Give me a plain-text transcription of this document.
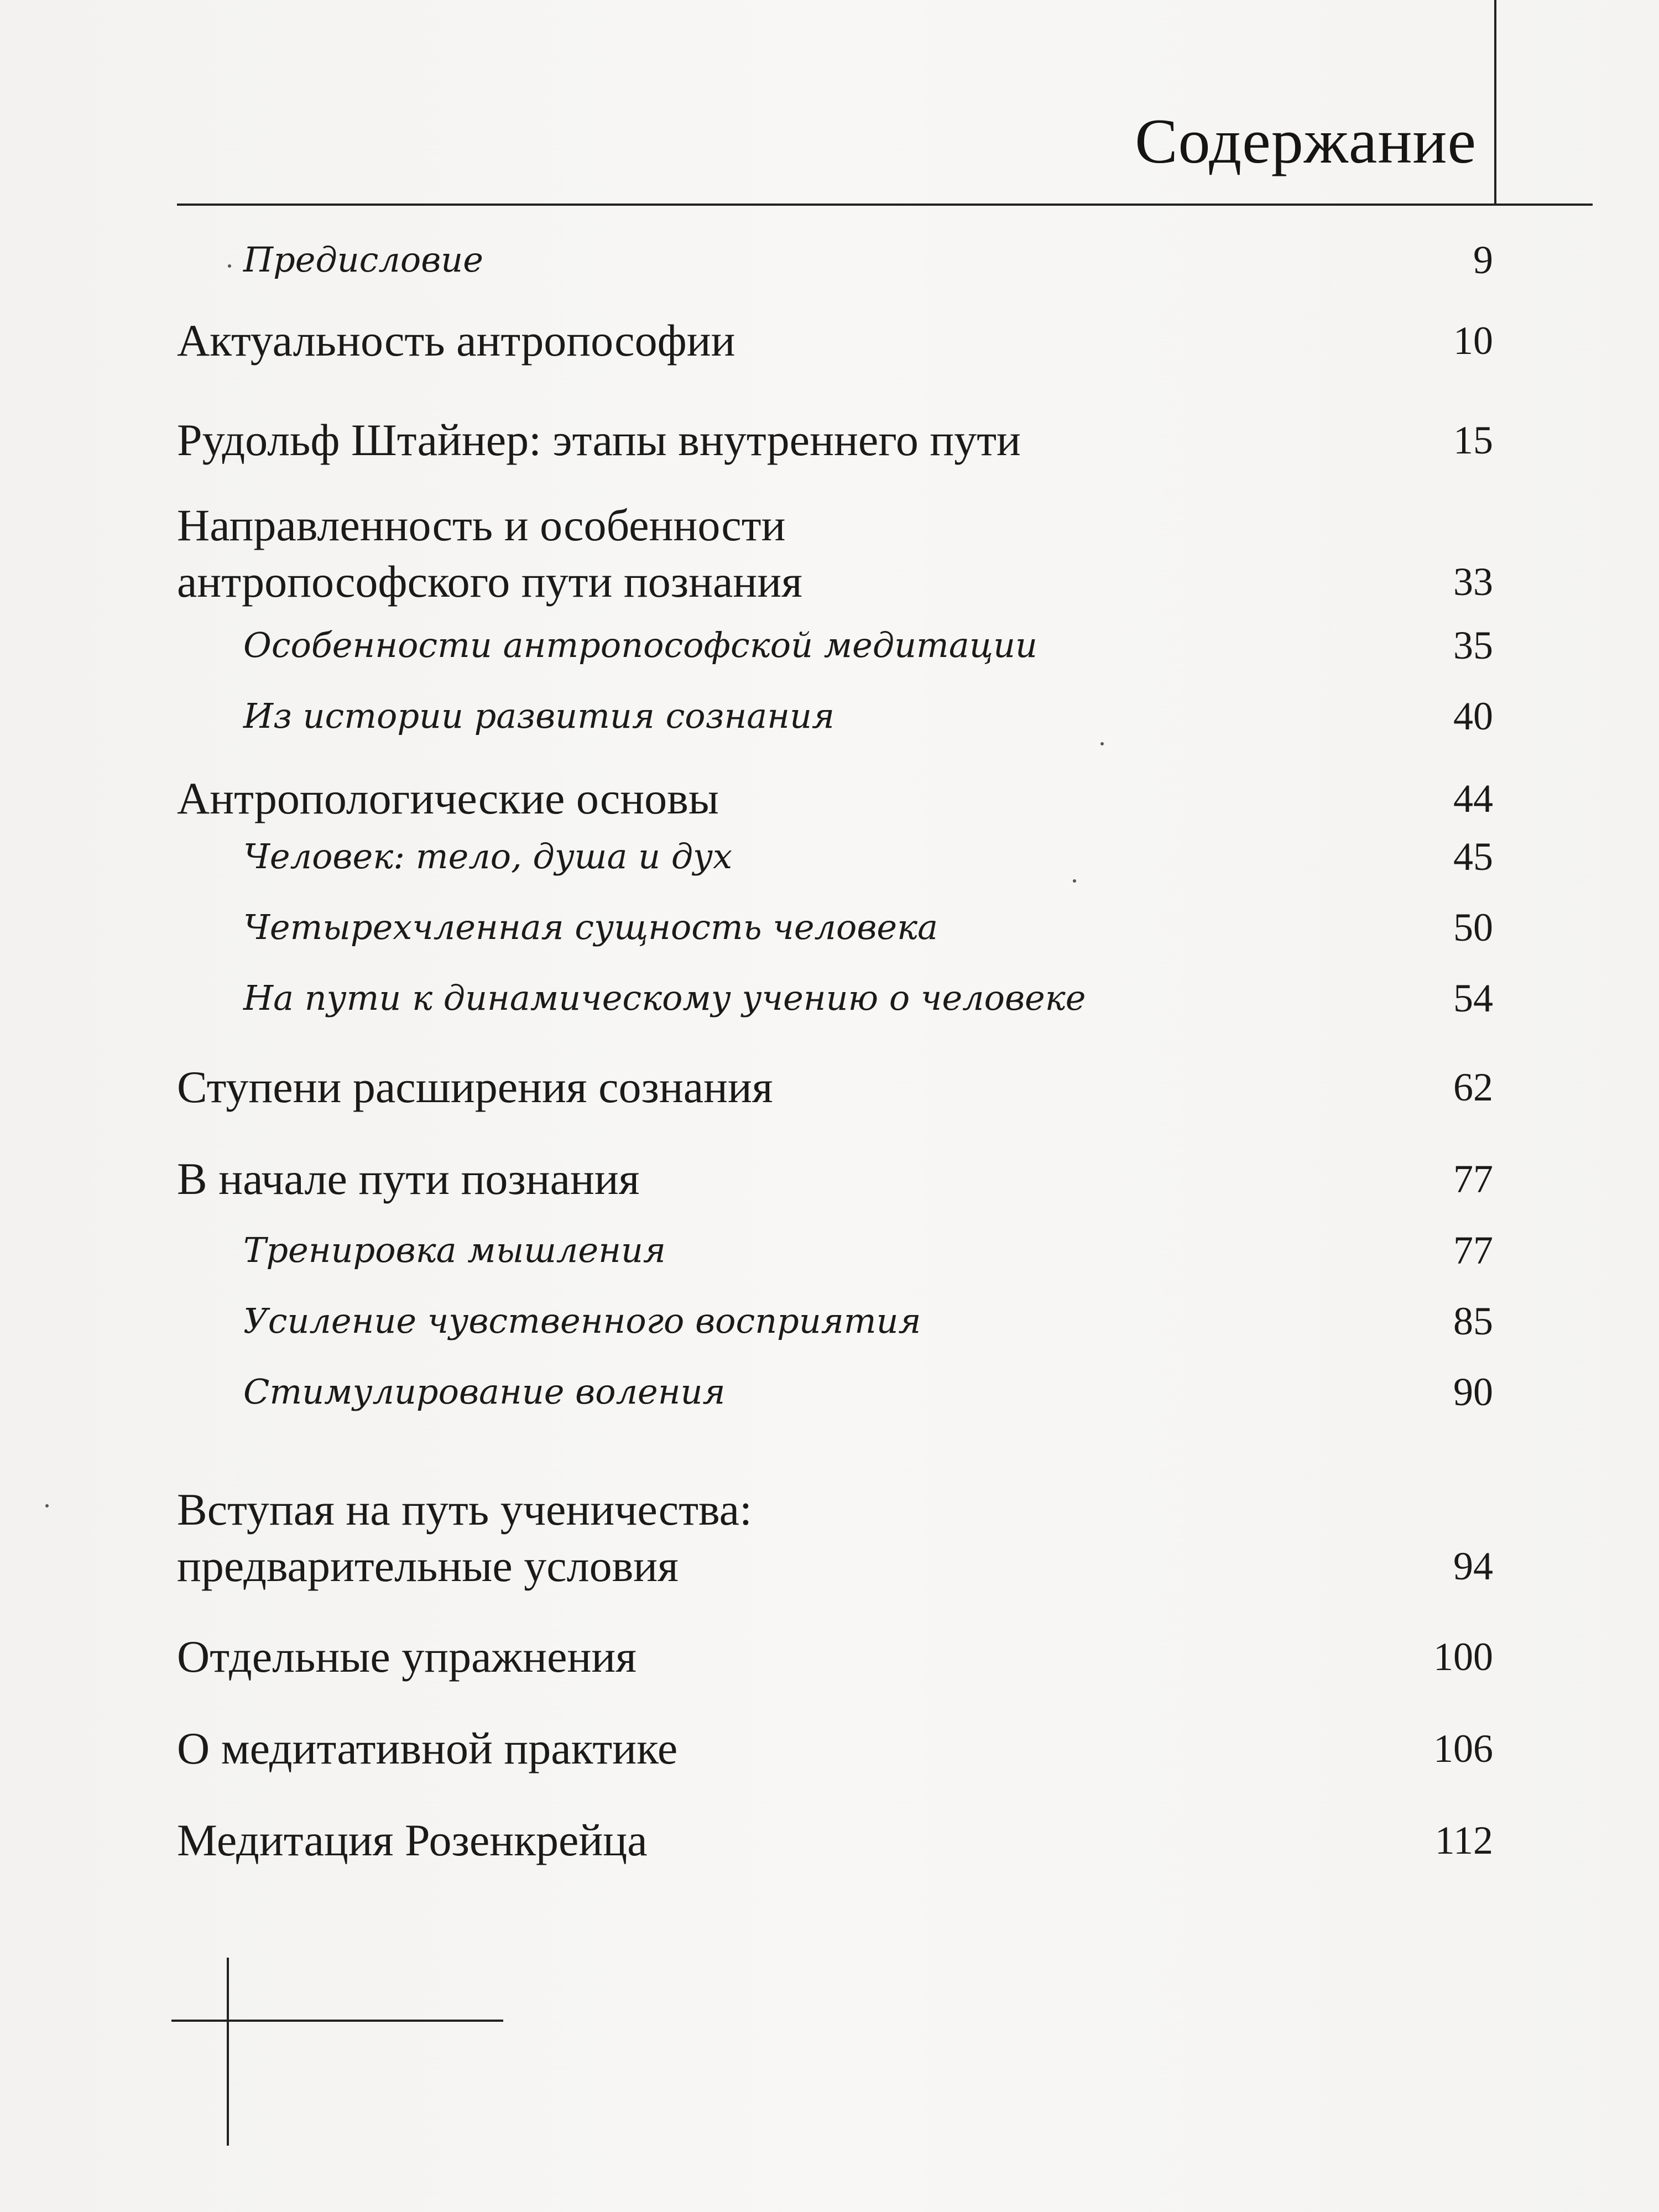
Содержание
Предисловие	9
Актуальность антропософии	10
Рудольф Штайнер: этапы внутреннего пути	15
Направленность и особенности
антропософского пути познания	33
Особенности антропософской медитации	35
Из истории развития сознания	40
Антропологические основы	44
Человек: тело, душа и дух	45
Четырехчленная сущность человека	50
На пути к динамическому учению о человеке	54
Ступени расширения сознания	62
В начале пути познания	77
Тренировка мышления	77
Усиление чувственного восприятия	85
Стимулирование воления	90
Вступая на путь ученичества:
предварительные условия	94
Отдельные упражнения	100
О медитативной практике	106
Медитация Розенкрейца	112
